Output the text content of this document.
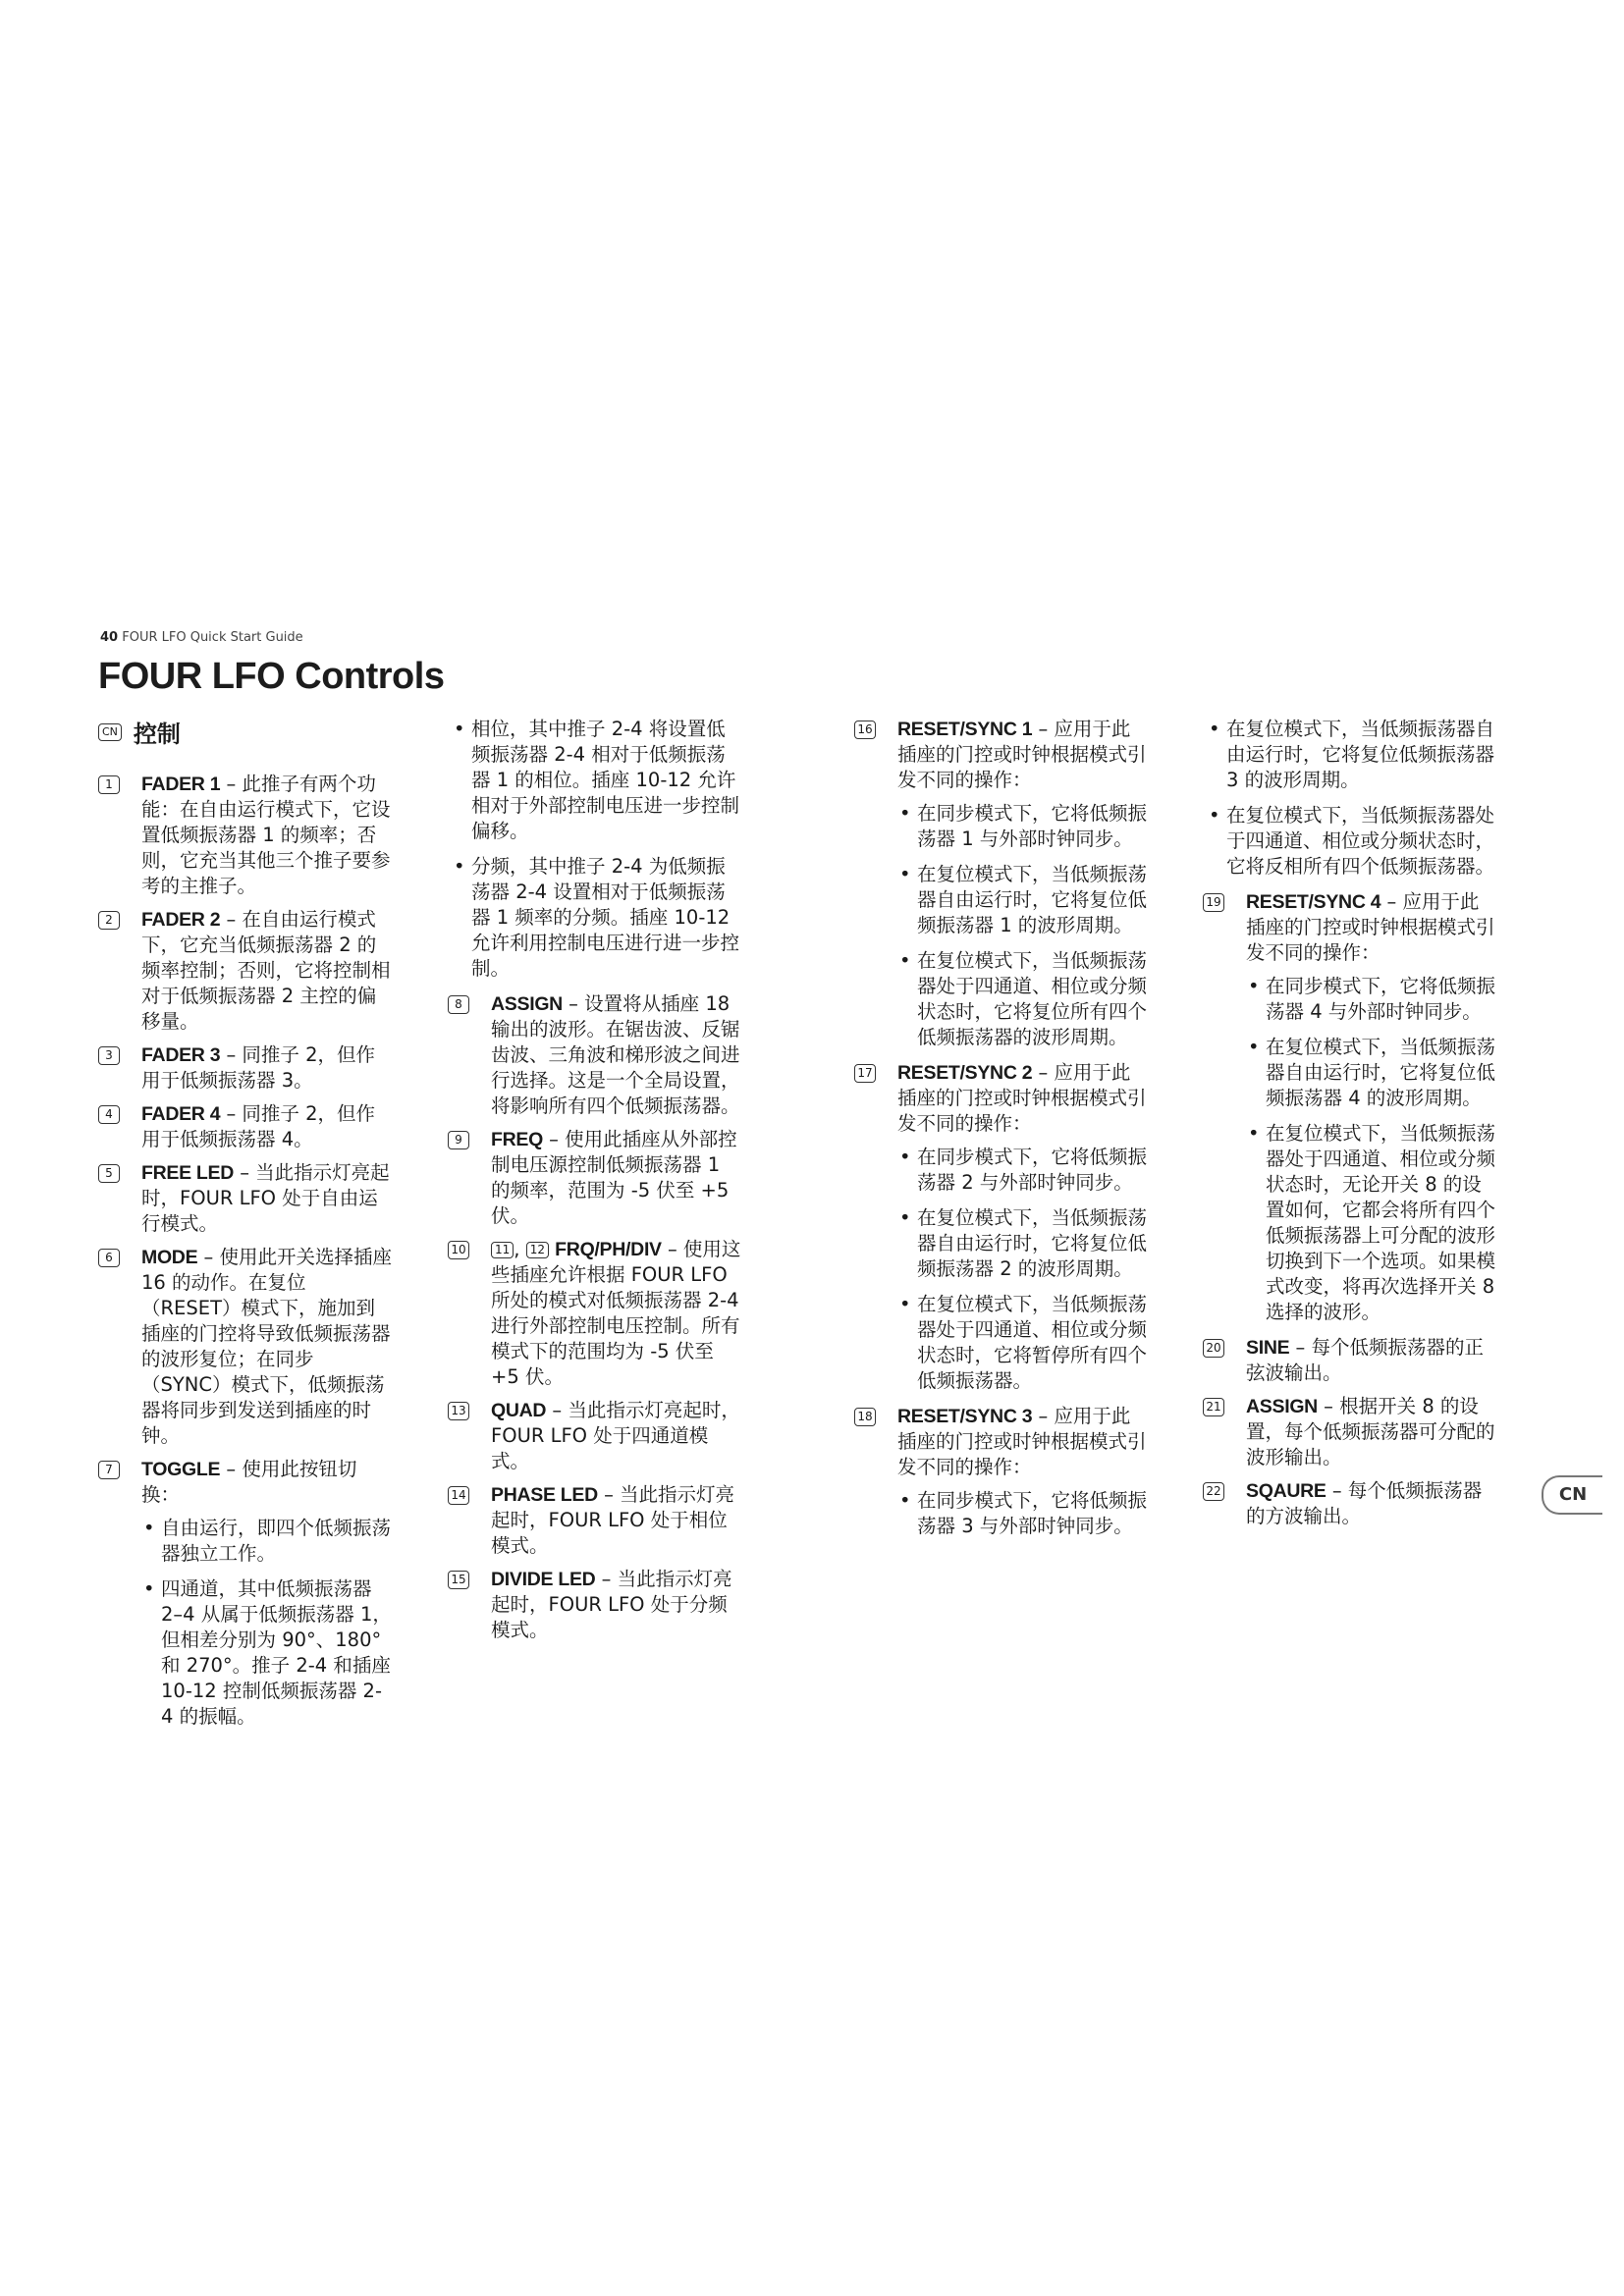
40 FOUR LFO Quick Start Guide
FOUR LFO Controls
CN 控制
1	FADER 1 – 此推子有两个功能：在自由运行模式下，它设置低频振荡器 1 的频率；否则，它充当其他三个推子要参考的主推子。
2	FADER 2 – 在自由运行模式下，它充当低频振荡器 2 的频率控制；否则，它将控制相对于低频振荡器 2 主控的偏移量。
3	FADER 3 – 同推子 2，但作用于低频振荡器 3。
4	FADER 4 – 同推子 2，但作用于低频振荡器 4。
5	FREE LED – 当此指示灯亮起时，FOUR LFO 处于自由运行模式。
6	MODE – 使用此开关选择插座 16 的动作。在复位（RESET）模式下，施加到插座的门控将导致低频振荡器的波形复位；在同步（SYNC）模式下，低频振荡器将同步到发送到插座的时钟。
7	TOGGLE – 使用此按钮切换：
• 自由运行，即四个低频振荡器独立工作。
• 四通道，其中低频振荡器 2–4 从属于低频振荡器 1，但相差分别为 90°、180° 和 270°。推子 2-4 和插座 10-12 控制低频振荡器 2-4 的振幅。
• 相位，其中推子 2-4 将设置低频振荡器 2-4 相对于低频振荡器 1 的相位。插座 10-12 允许相对于外部控制电压进一步控制偏移。
• 分频，其中推子 2-4 为低频振荡器 2-4 设置相对于低频振荡器 1 频率的分频。插座 10-12 允许利用控制电压进行进一步控制。
8	ASSIGN – 设置将从插座 18 输出的波形。在锯齿波、反锯齿波、三角波和梯形波之间进行选择。这是一个全局设置，将影响所有四个低频振荡器。
9	FREQ – 使用此插座从外部控制电压源控制低频振荡器 1 的频率，范围为 -5 伏至 +5 伏。
10 11 , 12 FRQ/PH/DIV – 使用这些插座允许根据 FOUR LFO 所处的模式对低频振荡器 2-4 进行外部控制电压控制。所有模式下的范围均为 -5 伏至 +5 伏。
13 QUAD – 当此指示灯亮起时，FOUR LFO 处于四通道模式。
14 PHASE LED – 当此指示灯亮起时，FOUR LFO 处于相位模式。
15 DIVIDE LED – 当此指示灯亮起时，FOUR LFO 处于分频模式。
16 RESET/SYNC 1 – 应用于此插座的门控或时钟根据模式引发不同的操作：
• 在同步模式下，它将低频振荡器 1 与外部时钟同步。
• 在复位模式下，当低频振荡器自由运行时，它将复位低频振荡器 1 的波形周期。
• 在复位模式下，当低频振荡器处于四通道、相位或分频状态时，它将复位所有四个低频振荡器的波形周期。
17 RESET/SYNC 2 – 应用于此插座的门控或时钟根据模式引发不同的操作：
• 在同步模式下，它将低频振荡器 2 与外部时钟同步。
• 在复位模式下，当低频振荡器自由运行时，它将复位低频振荡器 2 的波形周期。
• 在复位模式下，当低频振荡器处于四通道、相位或分频状态时，它将暂停所有四个低频振荡器。
18 RESET/SYNC 3 – 应用于此插座的门控或时钟根据模式引发不同的操作：
• 在同步模式下，它将低频振荡器 3 与外部时钟同步。
• 在复位模式下，当低频振荡器自由运行时，它将复位低频振荡器 3 的波形周期。
• 在复位模式下，当低频振荡器处于四通道、相位或分频状态时，它将反相所有四个低频振荡器。
19 RESET/SYNC 4 – 应用于此插座的门控或时钟根据模式引发不同的操作：
• 在同步模式下，它将低频振荡器 4 与外部时钟同步。
• 在复位模式下，当低频振荡器自由运行时，它将复位低频振荡器 4 的波形周期。
• 在复位模式下，当低频振荡器处于四通道、相位或分频状态时，无论开关 8 的设置如何，它都会将所有四个低频振荡器上可分配的波形切换到下一个选项。如果模式改变，将再次选择开关 8 选择的波形。
20 SINE – 每个低频振荡器的正弦波输出。
21 ASSIGN – 根据开关 8 的设置，每个低频振荡器可分配的波形输出。
22 SQAURE – 每个低频振荡器的方波输出。
CN
